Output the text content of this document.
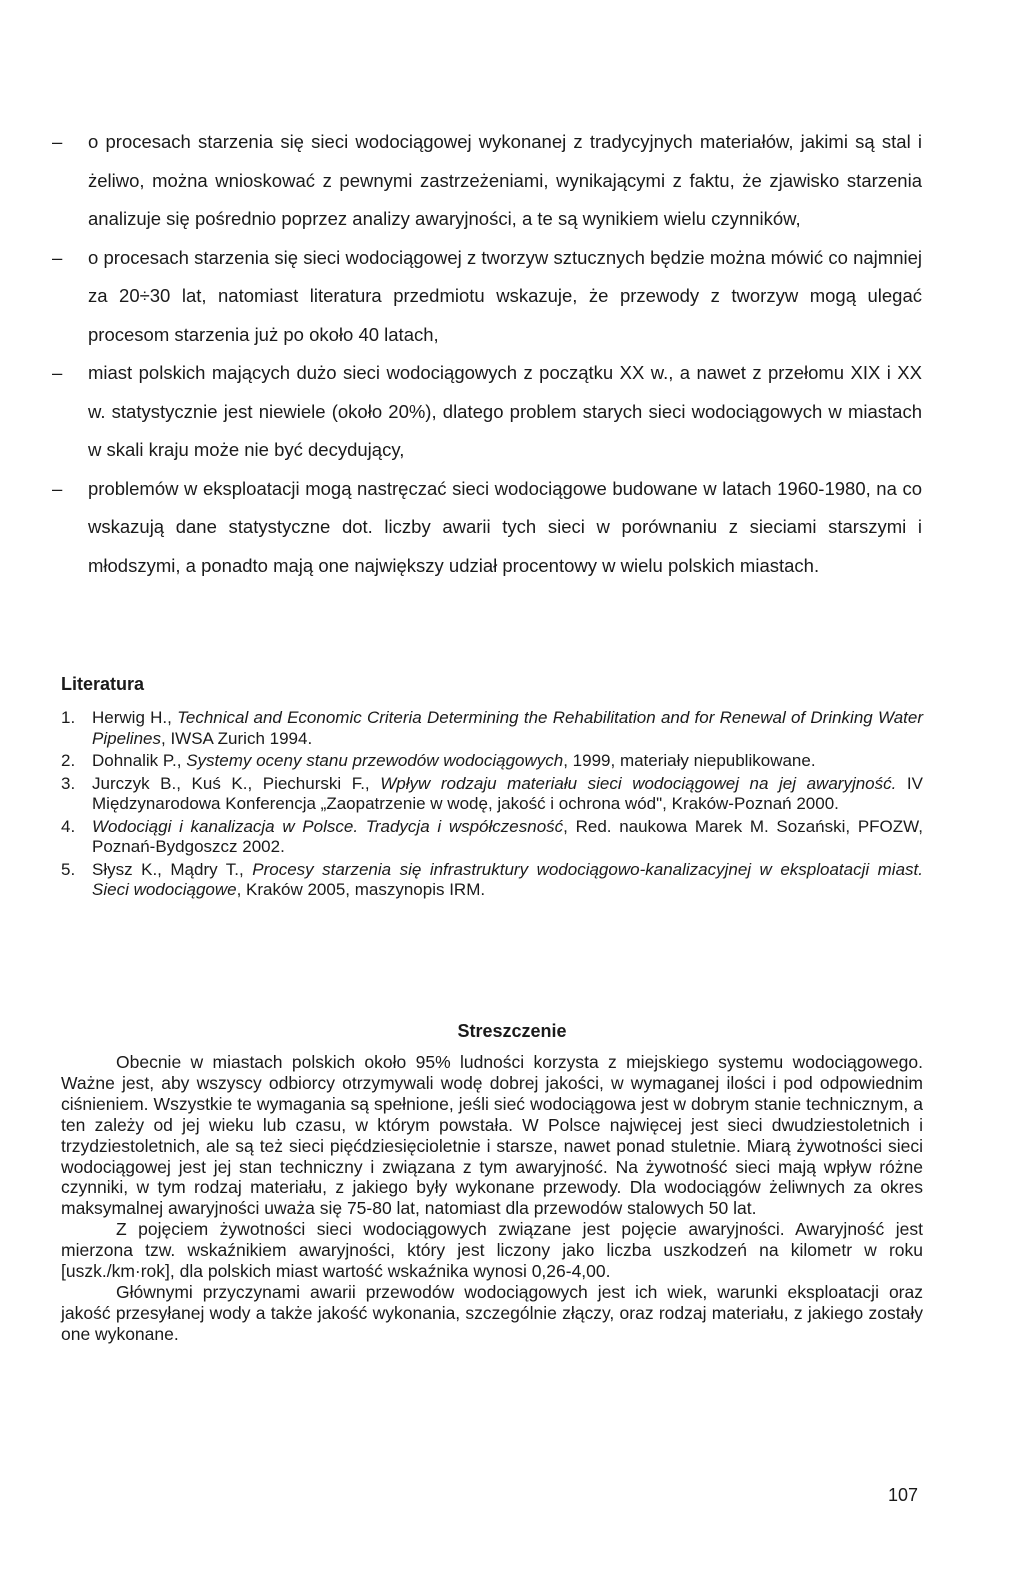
– o procesach starzenia się sieci wodociągowej wykonanej z tradycyjnych materiałów, jakimi są stal i żeliwo, można wnioskować z pewnymi zastrzeżeniami, wynikającymi z faktu, że zjawisko starzenia analizuje się pośrednio poprzez analizy awaryjności, a te są wynikiem wielu czynników,
– o procesach starzenia się sieci wodociągowej z tworzyw sztucznych będzie można mówić co najmniej za 20÷30 lat, natomiast literatura przedmiotu wskazuje, że przewody z tworzyw mogą ulegać procesom starzenia już po około 40 latach,
– miast polskich mających dużo sieci wodociągowych z początku XX w., a nawet z przełomu XIX i XX w. statystycznie jest niewiele (około 20%), dlatego problem starych sieci wodociągowych w miastach w skali kraju może nie być decydujący,
– problemów w eksploatacji mogą nastręczać sieci wodociągowe budowane w latach 1960-1980, na co wskazują dane statystyczne dot. liczby awarii tych sieci w porównaniu z sieciami starszymi i młodszymi, a ponadto mają one największy udział procentowy w wielu polskich miastach.
Literatura
1. Herwig H., Technical and Economic Criteria Determining the Rehabilitation and for Renewal of Drinking Water Pipelines, IWSA Zurich 1994.
2. Dohnalik P., Systemy oceny stanu przewodów wodociągowych, 1999, materiały niepublikowane.
3. Jurczyk B., Kuś K., Piechurski F., Wpływ rodzaju materiału sieci wodociągowej na jej awaryjność. IV Międzynarodowa Konferencja „Zaopatrzenie w wodę, jakość i ochrona wód", Kraków-Poznań 2000.
4. Wodociągi i kanalizacja w Polsce. Tradycja i współczesność, Red. naukowa Marek M. Sozański, PFOZW, Poznań-Bydgoszcz 2002.
5. Słysz K., Mądry T., Procesy starzenia się infrastruktury wodociągowo-kanalizacyjnej w eksploatacji miast. Sieci wodociągowe, Kraków 2005, maszynopis IRM.
Streszczenie

Obecnie w miastach polskich około 95% ludności korzysta z miejskiego systemu wodociągowego. Ważne jest, aby wszyscy odbiorcy otrzymywali wodę dobrej jakości, w wymaganej ilości i pod odpowiednim ciśnieniem. Wszystkie te wymagania są spełnione, jeśli sieć wodociągowa jest w dobrym stanie technicznym, a ten zależy od jej wieku lub czasu, w którym powstała. W Polsce najwięcej jest sieci dwudziestoletnich i trzydziestoletnich, ale są też sieci pięćdziesięcioletnie i starsze, nawet ponad stuletnie. Miarą żywotności sieci wodociągowej jest jej stan techniczny i związana z tym awaryjność. Na żywotność sieci mają wpływ różne czynniki, w tym rodzaj materiału, z jakiego były wykonane przewody. Dla wodociągów żeliwnych za okres maksymalnej awaryjności uważa się 75-80 lat, natomiast dla przewodów stalowych 50 lat.

Z pojęciem żywotności sieci wodociągowych związane jest pojęcie awaryjności. Awaryjność jest mierzona tzw. wskaźnikiem awaryjności, który jest liczony jako liczba uszkodzeń na kilometr w roku [uszk./km·rok], dla polskich miast wartość wskaźnika wynosi 0,26-4,00.

Głównymi przyczynami awarii przewodów wodociągowych jest ich wiek, warunki eksploatacji oraz jakość przesyłanej wody a także jakość wykonania, szczególnie złączy, oraz rodzaj materiału, z jakiego zostały one wykonane.

107
